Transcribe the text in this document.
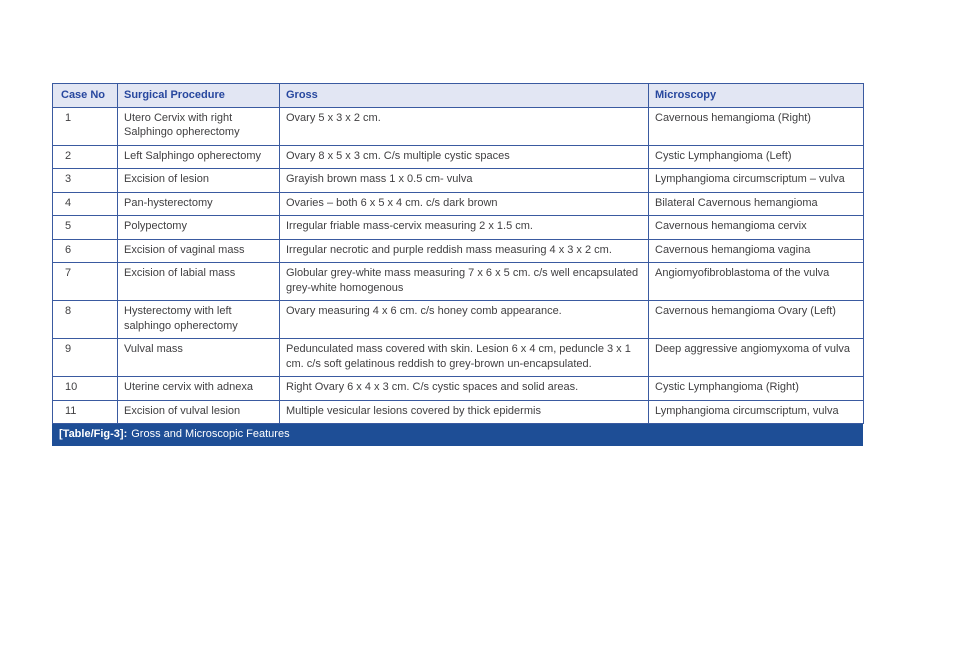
Case No	Surgical Procedure	Gross	Microscopy
1	Utero Cervix with right Salphingo opherectomy	Ovary 5 x 3 x 2 cm.	Cavernous hemangioma (Right)
2	Left Salphingo opherectomy	Ovary 8 x 5 x 3 cm. C/s multiple cystic spaces	Cystic Lymphangioma (Left)
3	Excision of lesion	Grayish brown mass 1 x 0.5 cm- vulva	Lymphangioma circumscriptum – vulva
4	Pan-hysterectomy	Ovaries – both 6 x 5 x 4 cm. c/s dark brown	Bilateral Cavernous hemangioma
5	Polypectomy	Irregular friable mass-cervix measuring 2 x 1.5 cm.	Cavernous hemangioma cervix
6	Excision of vaginal mass	Irregular necrotic and purple reddish mass measuring 4 x 3 x 2 cm.	Cavernous hemangioma vagina
7	Excision of labial mass	Globular grey-white mass measuring 7 x 6 x 5 cm. c/s well encapsulated grey-white homogenous	Angiomyofibroblastoma of the vulva
8	Hysterectomy with left salphingo opherectomy	Ovary measuring 4 x 6 cm. c/s honey comb appearance.	Cavernous hemangioma Ovary (Left)
9	Vulval mass	Pedunculated mass covered with skin. Lesion 6 x 4 cm, peduncle 3 x 1 cm. c/s soft gelatinous reddish to grey-brown un-encapsulated.	Deep aggressive angiomyxoma of vulva
10	Uterine cervix with adnexa	Right Ovary 6 x 4 x 3 cm. C/s cystic spaces and solid areas.	Cystic Lymphangioma (Right)
11	Excision of vulval lesion	Multiple vesicular lesions covered by thick epidermis	Lymphangioma circumscriptum, vulva
[Table/Fig-3]: Gross and Microscopic Features
